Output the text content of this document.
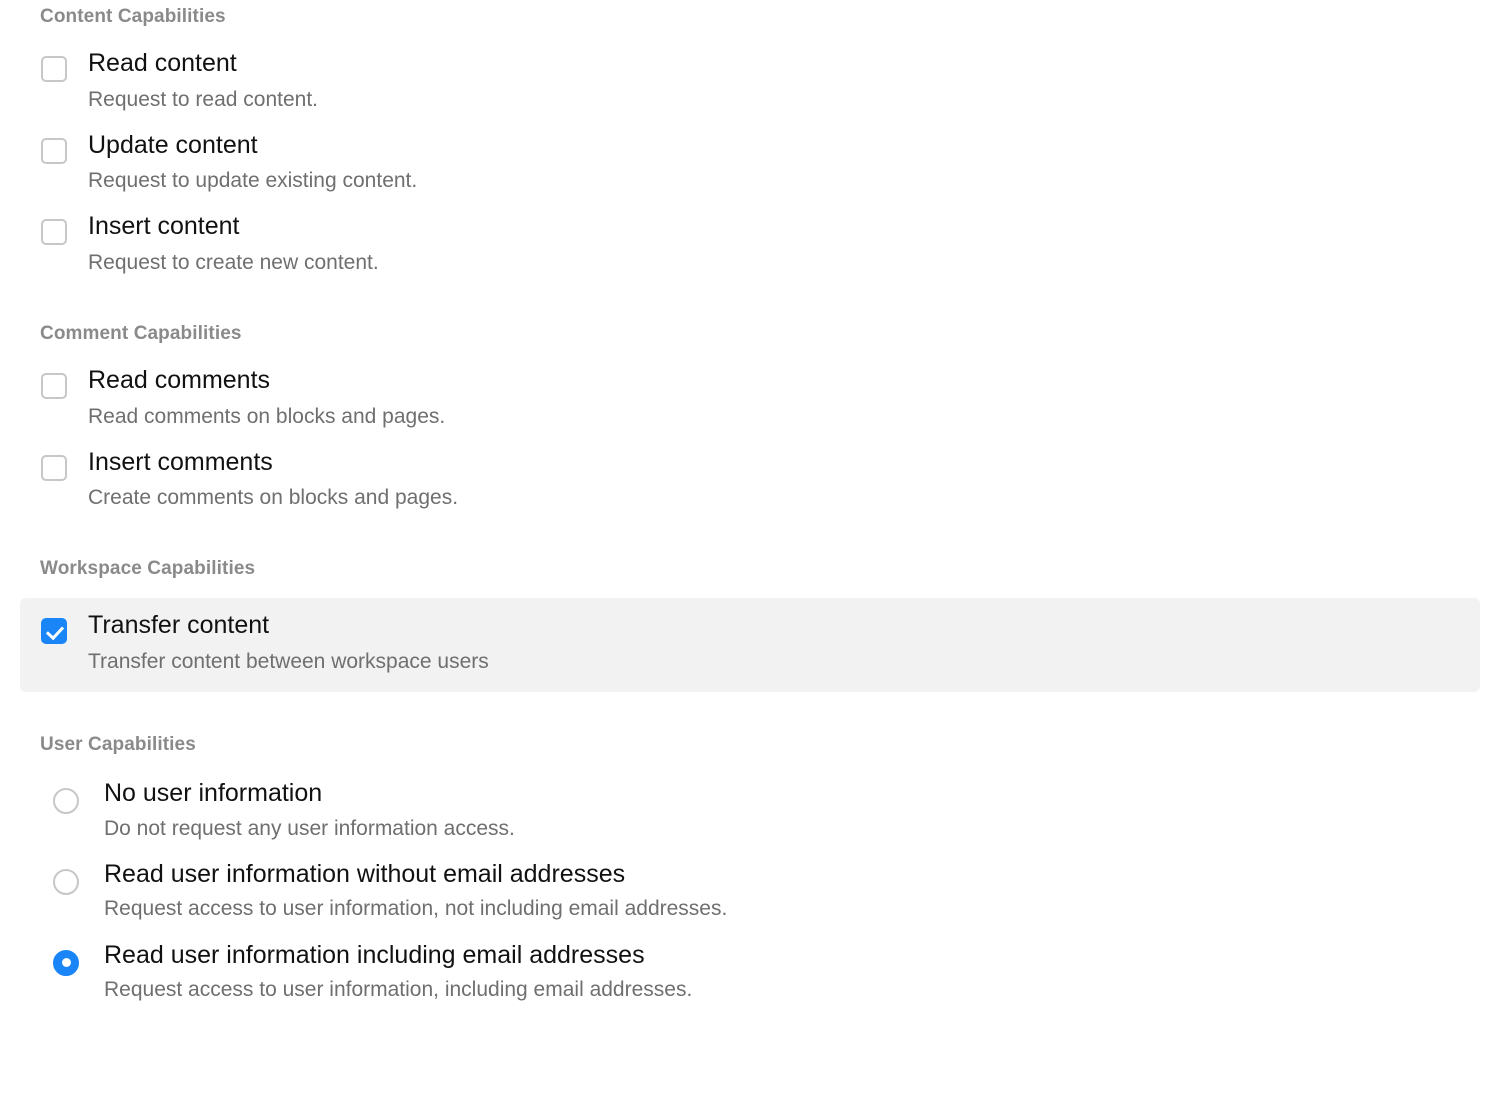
Content Capabilities
Read content
Request to read content.
Update content
Request to update existing content.
Insert content
Request to create new content.
Comment Capabilities
Read comments
Read comments on blocks and pages.
Insert comments
Create comments on blocks and pages.
Workspace Capabilities
Transfer content
Transfer content between workspace users
User Capabilities
No user information
Do not request any user information access.
Read user information without email addresses
Request access to user information, not including email addresses.
Read user information including email addresses
Request access to user information, including email addresses.
